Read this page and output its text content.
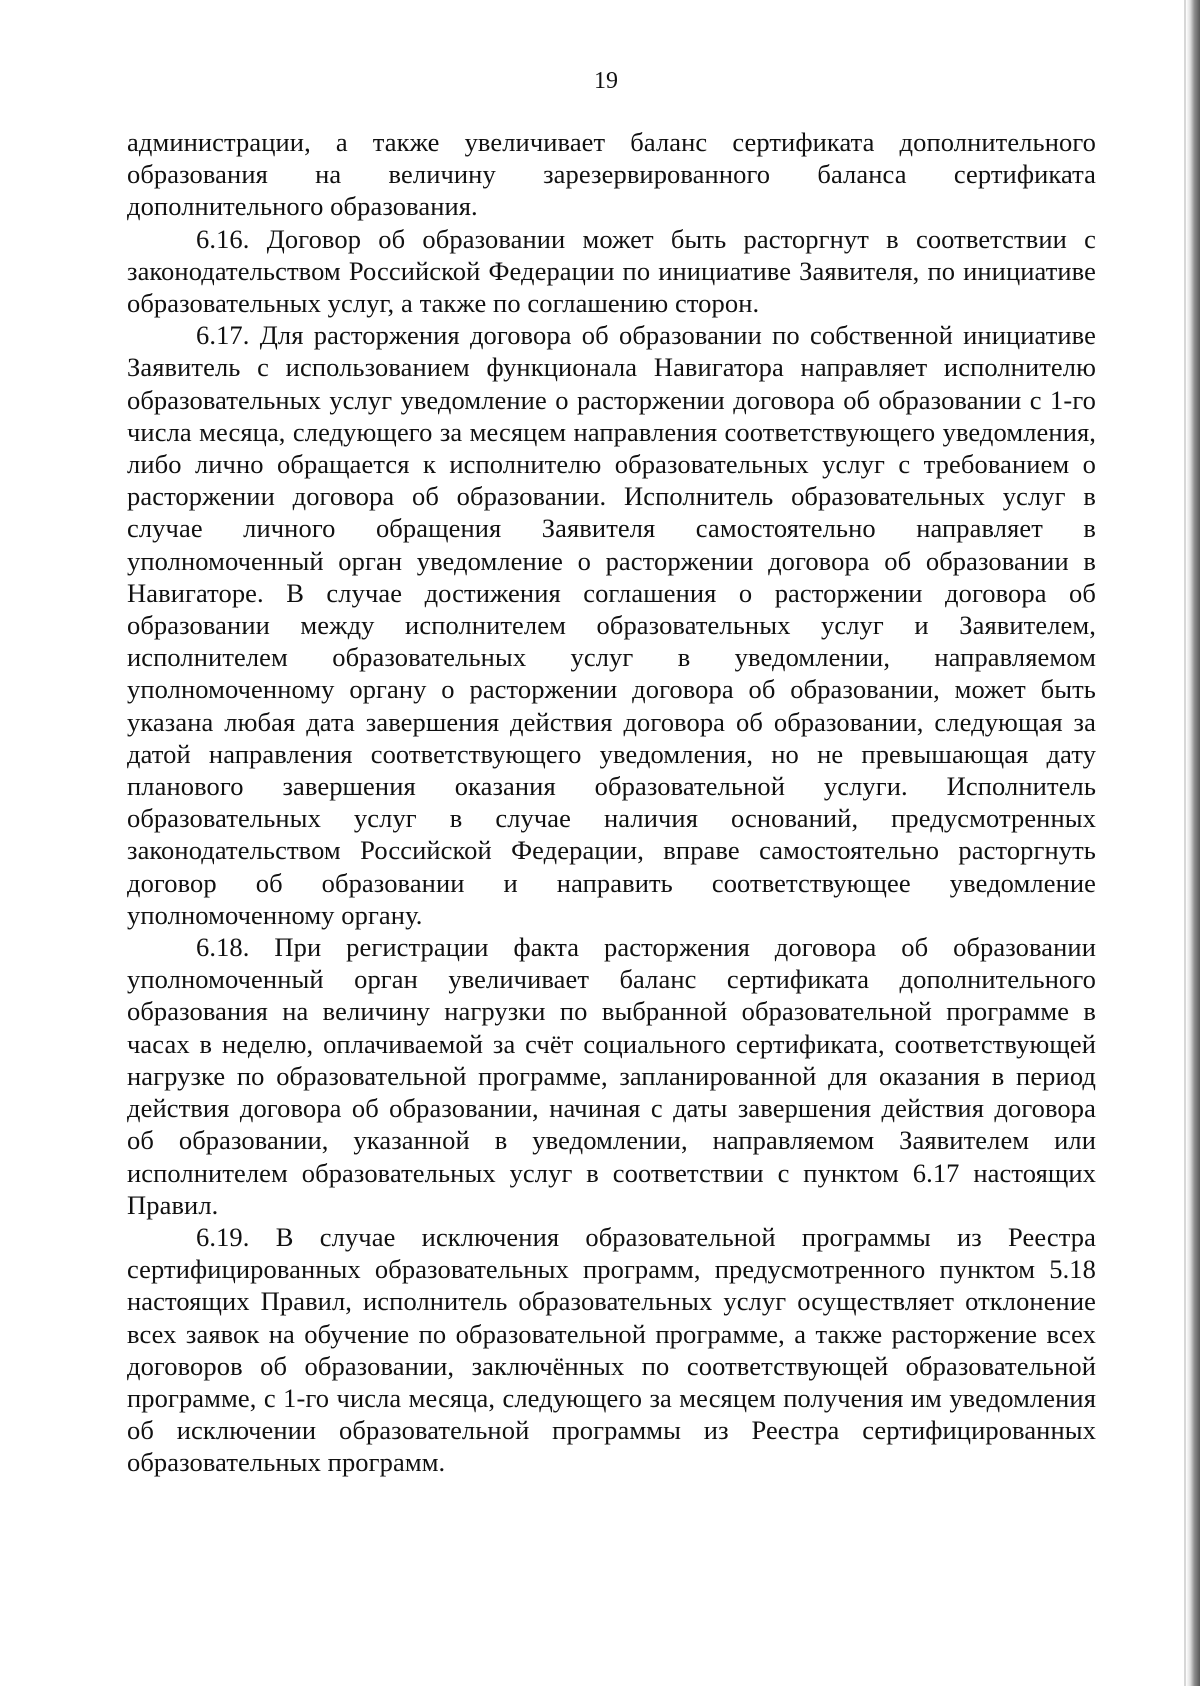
19

администрации, а также увеличивает баланс сертификата дополнительного образования на величину зарезервированного баланса сертификата дополнительного образования.

6.16. Договор об образовании может быть расторгнут в соответствии с законодательством Российской Федерации по инициативе Заявителя, по инициативе образовательных услуг, а также по соглашению сторон.

6.17. Для расторжения договора об образовании по собственной инициативе Заявитель с использованием функционала Навигатора направляет исполнителю образовательных услуг уведомление о расторжении договора об образовании с 1-го числа месяца, следующего за месяцем направления соответствующего уведомления, либо лично обращается к исполнителю образовательных услуг с требованием о расторжении договора об образовании. Исполнитель образовательных услуг в случае личного обращения Заявителя самостоятельно направляет в уполномоченный орган уведомление о расторжении договора об образовании в Навигаторе. В случае достижения соглашения о расторжении договора об образовании между исполнителем образовательных услуг и Заявителем, исполнителем образовательных услуг в уведомлении, направляемом уполномоченному органу о расторжении договора об образовании, может быть указана любая дата завершения действия договора об образовании, следующая за датой направления соответствующего уведомления, но не превышающая дату планового завершения оказания образовательной услуги. Исполнитель образовательных услуг в случае наличия оснований, предусмотренных законодательством Российской Федерации, вправе самостоятельно расторгнуть договор об образовании и направить соответствующее уведомление уполномоченному органу.

6.18. При регистрации факта расторжения договора об образовании уполномоченный орган увеличивает баланс сертификата дополнительного образования на величину нагрузки по выбранной образовательной программе в часах в неделю, оплачиваемой за счёт социального сертификата, соответствующей нагрузке по образовательной программе, запланированной для оказания в период действия договора об образовании, начиная с даты завершения действия договора об образовании, указанной в уведомлении, направляемом Заявителем или исполнителем образовательных услуг в соответствии с пунктом 6.17 настоящих Правил.

6.19. В случае исключения образовательной программы из Реестра сертифицированных образовательных программ, предусмотренного пунктом 5.18 настоящих Правил, исполнитель образовательных услуг осуществляет отклонение всех заявок на обучение по образовательной программе, а также расторжение всех договоров об образовании, заключённых по соответствующей образовательной программе, с 1-го числа месяца, следующего за месяцем получения им уведомления об исключении образовательной программы из Реестра сертифицированных образовательных программ.
